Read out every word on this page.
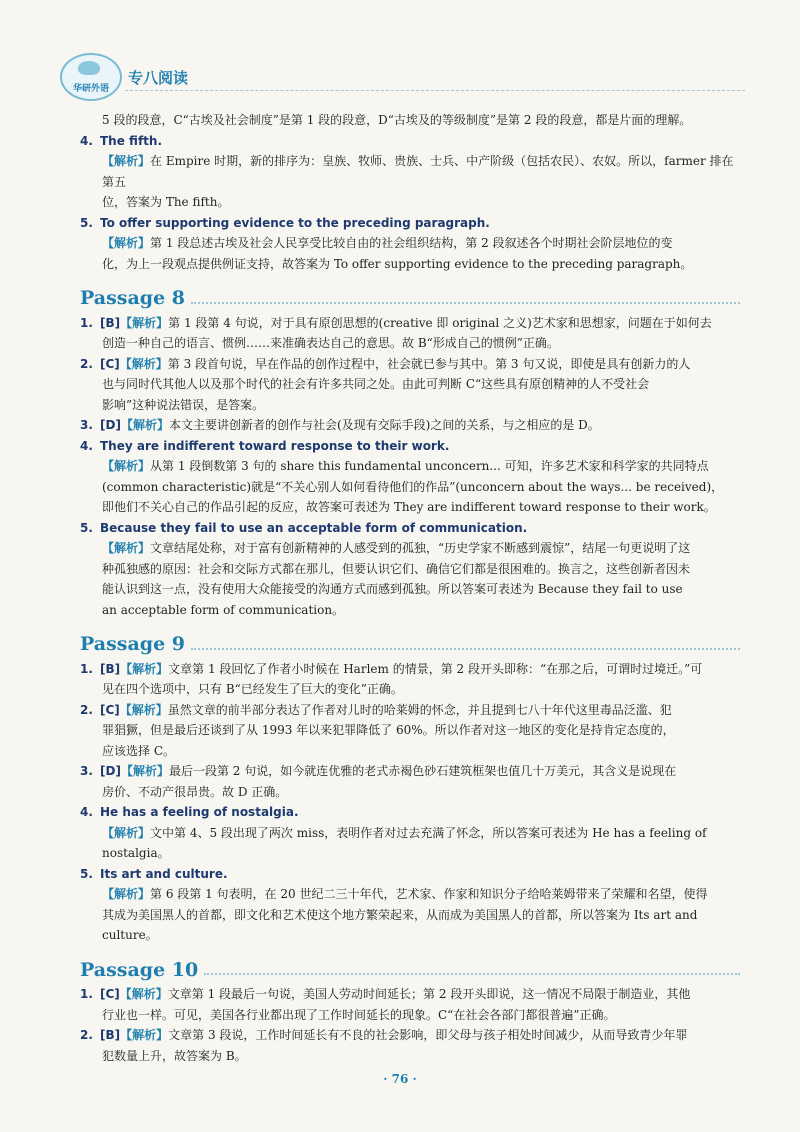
华研外语
专八阅读

5 段的段意，C“古埃及社会制度”是第 1 段的段意，D“古埃及的等级制度”是第 2 段的段意，都是片面的理解。

4. The fifth.

【解析】在 Empire 时期，新的排序为：皇族、牧师、贵族、士兵、中产阶级（包括农民）、农奴。所以，farmer 排在第五

位，答案为 The fifth。

5. To offer supporting evidence to the preceding paragraph.

【解析】第 1 段总述古埃及社会人民享受比较自由的社会组织结构，第 2 段叙述各个时期社会阶层地位的变

化，为上一段观点提供例证支持，故答案为 To offer supporting evidence to the preceding paragraph。

Passage 8
1. [B]【解析】第 1 段第 4 句说，对于具有原创思想的(creative 即 original 之义)艺术家和思想家，问题在于如何去

创造一种自己的语言、惯例……来准确表达自己的意思。故 B“形成自己的惯例”正确。

2. [C]【解析】第 3 段首句说，早在作品的创作过程中，社会就已参与其中。第 3 句又说，即使是具有创新力的人

也与同时代其他人以及那个时代的社会有许多共同之处。由此可判断 C“这些具有原创精神的人不受社会

影响”这种说法错误，是答案。

3. [D]【解析】本文主要讲创新者的创作与社会(及现有交际手段)之间的关系，与之相应的是 D。
4. They are indifferent toward response to their work.

【解析】从第 1 段倒数第 3 句的 share this fundamental unconcern... 可知，许多艺术家和科学家的共同特点

(common characteristic)就是“不关心别人如何看待他们的作品”(unconcern about the ways... be received)，

即他们不关心自己的作品引起的反应，故答案可表述为 They are indifferent toward response to their work。

5. Because they fail to use an acceptable form of communication.

【解析】文章结尾处称，对于富有创新精神的人感受到的孤独，“历史学家不断感到震惊”，结尾一句更说明了这

种孤独感的原因：社会和交际方式都在那儿，但要认识它们、确信它们都是很困难的。换言之，这些创新者因未

能认识到这一点，没有使用大众能接受的沟通方式而感到孤独。所以答案可表述为 Because they fail to use

an acceptable form of communication。

Passage 9
1. [B]【解析】文章第 1 段回忆了作者小时候在 Harlem 的情景，第 2 段开头即称：“在那之后，可谓时过境迁。”可

见在四个选项中，只有 B“已经发生了巨大的变化”正确。

2. [C]【解析】虽然文章的前半部分表达了作者对儿时的哈莱姆的怀念，并且提到七八十年代这里毒品泛滥、犯

罪猖獗，但是最后还谈到了从 1993 年以来犯罪降低了 60%。所以作者对这一地区的变化是持肯定态度的，

应该选择 C。

3. [D]【解析】最后一段第 2 句说，如今就连优雅的老式赤褐色砂石建筑框架也值几十万美元，其含义是说现在

房价、不动产很昂贵。故 D 正确。

4. He has a feeling of nostalgia.

【解析】文中第 4、5 段出现了两次 miss，表明作者对过去充满了怀念，所以答案可表述为 He has a feeling of

nostalgia。

5. Its art and culture.

【解析】第 6 段第 1 句表明，在 20 世纪二三十年代，艺术家、作家和知识分子给哈莱姆带来了荣耀和名望，使得

其成为美国黑人的首都，即文化和艺术使这个地方繁荣起来，从而成为美国黑人的首都，所以答案为 Its art and

culture。

Passage 10
1. [C]【解析】文章第 1 段最后一句说，美国人劳动时间延长；第 2 段开头即说，这一情况不局限于制造业，其他

行业也一样。可见，美国各行业都出现了工作时间延长的现象。C“在社会各部门都很普遍”正确。

2. [B]【解析】文章第 3 段说，工作时间延长有不良的社会影响，即父母与孩子相处时间减少，从而导致青少年罪

犯数量上升，故答案为 B。

· 76 ·
